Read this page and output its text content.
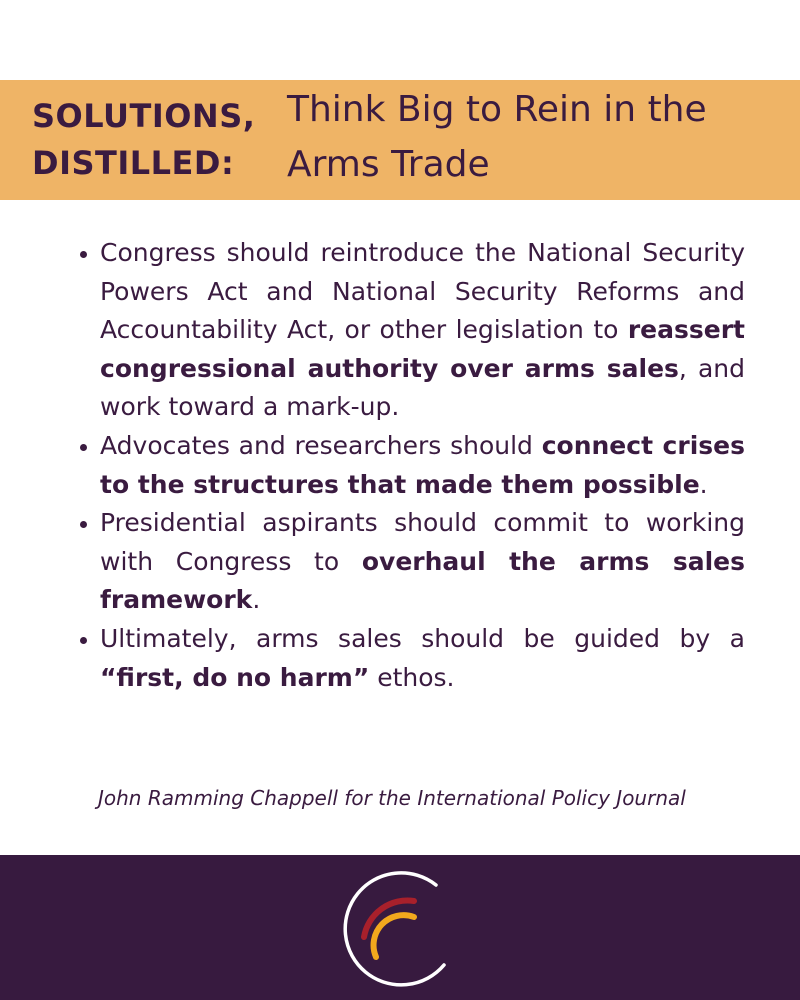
SOLUTIONS,
DISTILLED:
Think Big to Rein in the
Arms Trade
Congress should reintroduce the National Security Powers Act and National Security Reforms and Accountability Act, or other legislation to reassert congressional authority over arms sales, and work toward a mark-up.
Advocates and researchers should connect crises to the structures that made them possible.
Presidential aspirants should commit to working with Congress to overhaul the arms sales framework.
Ultimately, arms sales should be guided by a “first, do no harm” ethos.
John Ramming Chappell for the International Policy Journal
